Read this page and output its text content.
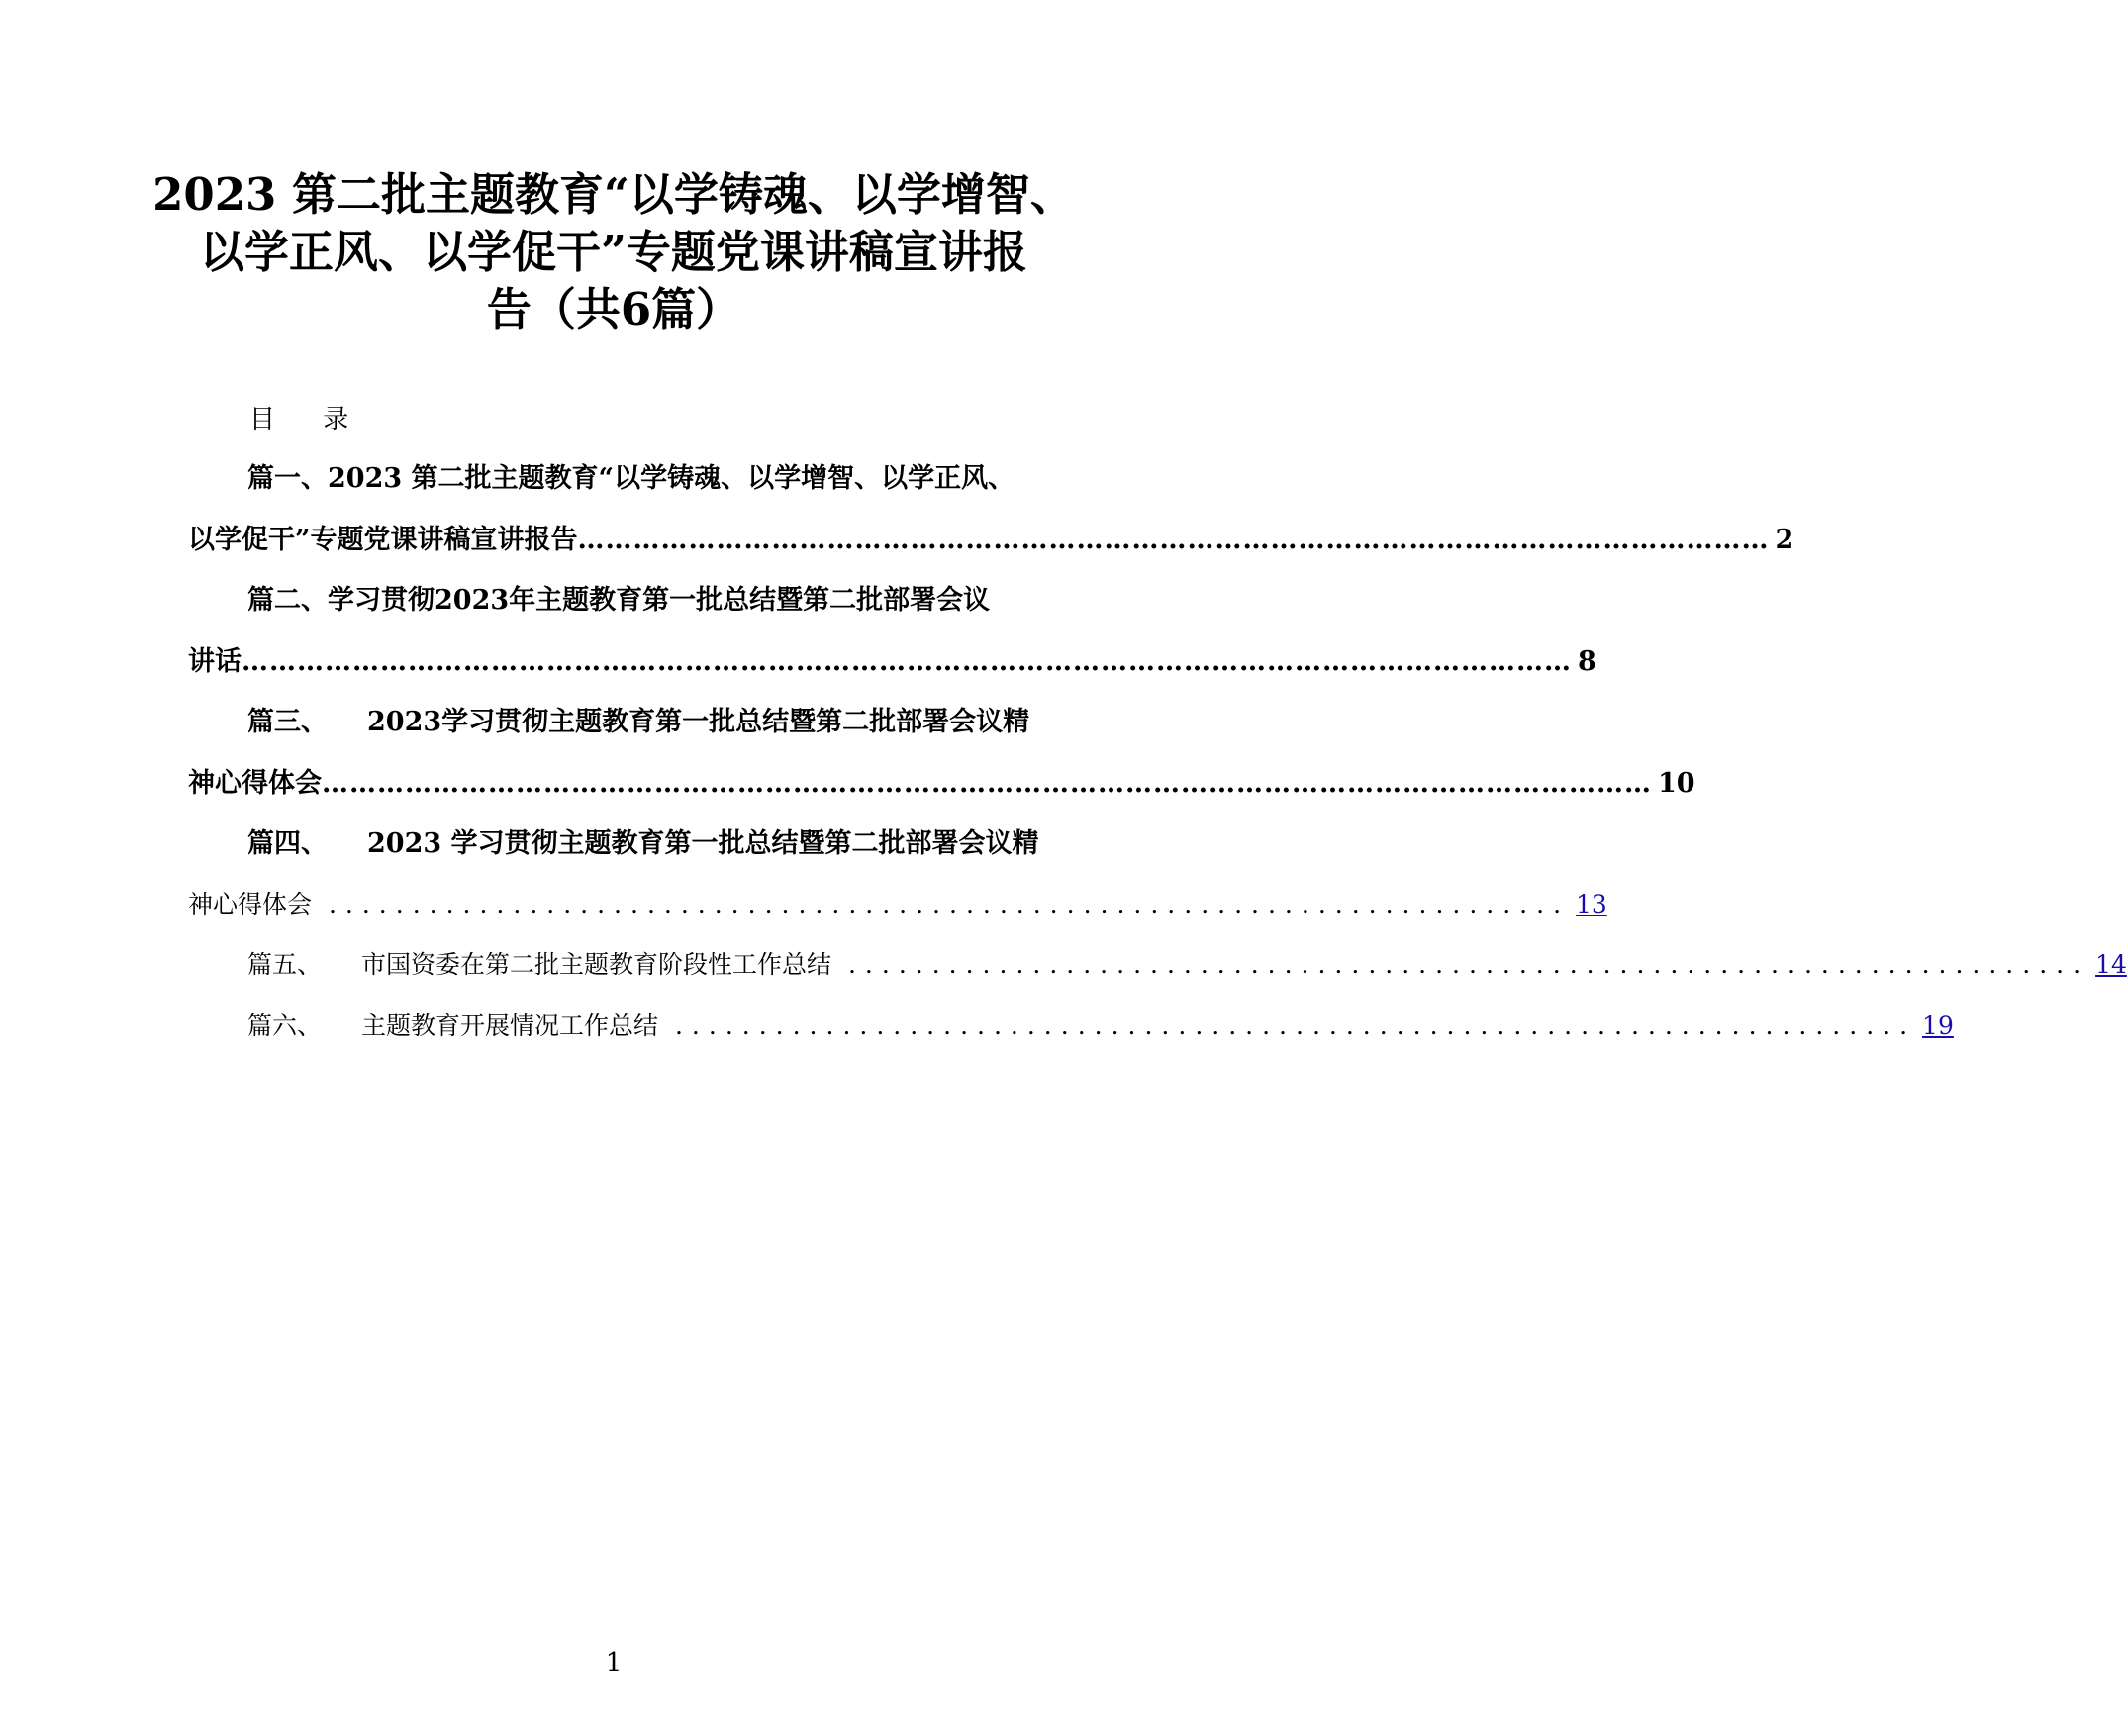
2023 第二批主题教育“以学铸魂、以学增智、
以学正风、以学促干”专题党课讲稿宣讲报
告（共6篇）
目 录
篇一、2023 第二批主题教育“以学铸魂、以学增智、以学正风、
以学促干”专题党课讲稿宣讲报告 ………………………………………………………………………………………………………………… 2
篇二、学习贯彻2023年主题教育第一批总结暨第二批部署会议
讲话 ……………………………………………………………………………………………………………………………… 8
篇三、 2023学习贯彻主题教育第一批总结暨第二批部署会议精
神心得体会 ……………………………………………………………………………………………………………………………… 10
篇四、 2023 学习贯彻主题教育第一批总结暨第二批部署会议精
神心得体会 .......................................................................... 13
篇五、	市国资委在第二批主题教育阶段性工作总结 .......................................................................... 14
篇六、	主题教育开展情况工作总结 .......................................................................... 19
1
